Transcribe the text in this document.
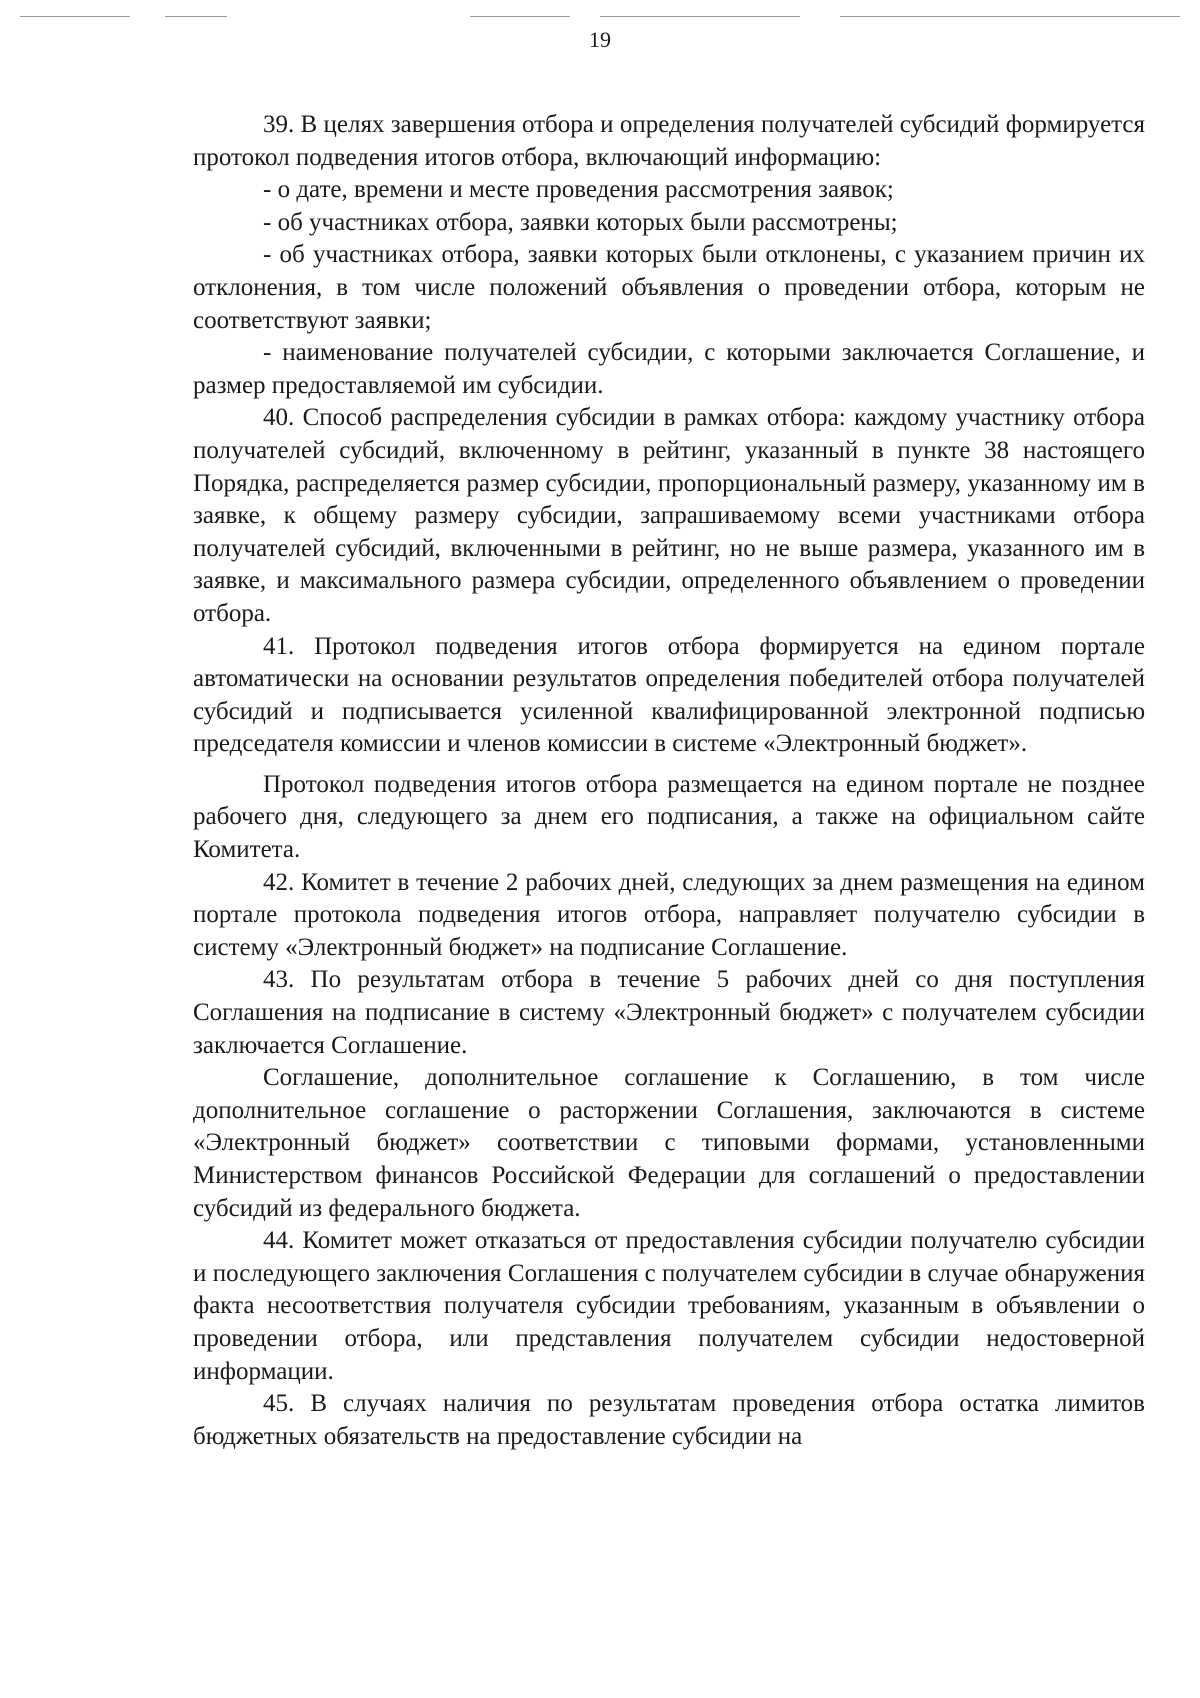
19

39. В целях завершения отбора и определения получателей субсидий формируется протокол подведения итогов отбора, включающий информацию:

- о дате, времени и месте проведения рассмотрения заявок;

- об участниках отбора, заявки которых были рассмотрены;

- об участниках отбора, заявки которых были отклонены, с указанием причин их отклонения, в том числе положений объявления о проведении отбора, которым не соответствуют заявки;

- наименование получателей субсидии, с которыми заключается Соглашение, и размер предоставляемой им субсидии.

40. Способ распределения субсидии в рамках отбора: каждому участнику отбора получателей субсидий, включенному в рейтинг, указанный в пункте 38 настоящего Порядка, распределяется размер субсидии, пропорциональный размеру, указанному им в заявке, к общему размеру субсидии, запрашиваемому всеми участниками отбора получателей субсидий, включенными в рейтинг, но не выше размера, указанного им в заявке, и максимального размера субсидии, определенного объявлением о проведении отбора.

41. Протокол подведения итогов отбора формируется на едином портале автоматически на основании результатов определения победителей отбора получателей субсидий и подписывается усиленной квалифицированной электронной подписью председателя комиссии и членов комиссии в системе «Электронный бюджет».

Протокол подведения итогов отбора размещается на едином портале не позднее рабочего дня, следующего за днем его подписания, а также на официальном сайте Комитета.

42. Комитет в течение 2 рабочих дней, следующих за днем размещения на едином портале протокола подведения итогов отбора, направляет получателю субсидии в систему «Электронный бюджет» на подписание Соглашение.

43. По результатам отбора в течение 5 рабочих дней со дня поступления Соглашения на подписание в систему «Электронный бюджет» с получателем субсидии заключается Соглашение.

Соглашение, дополнительное соглашение к Соглашению, в том числе дополнительное соглашение о расторжении Соглашения, заключаются в системе «Электронный бюджет» соответствии с типовыми формами, установленными Министерством финансов Российской Федерации для соглашений о предоставлении субсидий из федерального бюджета.

44. Комитет может отказаться от предоставления субсидии получателю субсидии и последующего заключения Соглашения с получателем субсидии в случае обнаружения факта несоответствия получателя субсидии требованиям, указанным в объявлении о проведении отбора, или представления получателем субсидии недостоверной информации.

45. В случаях наличия по результатам проведения отбора остатка лимитов бюджетных обязательств на предоставление субсидии на
